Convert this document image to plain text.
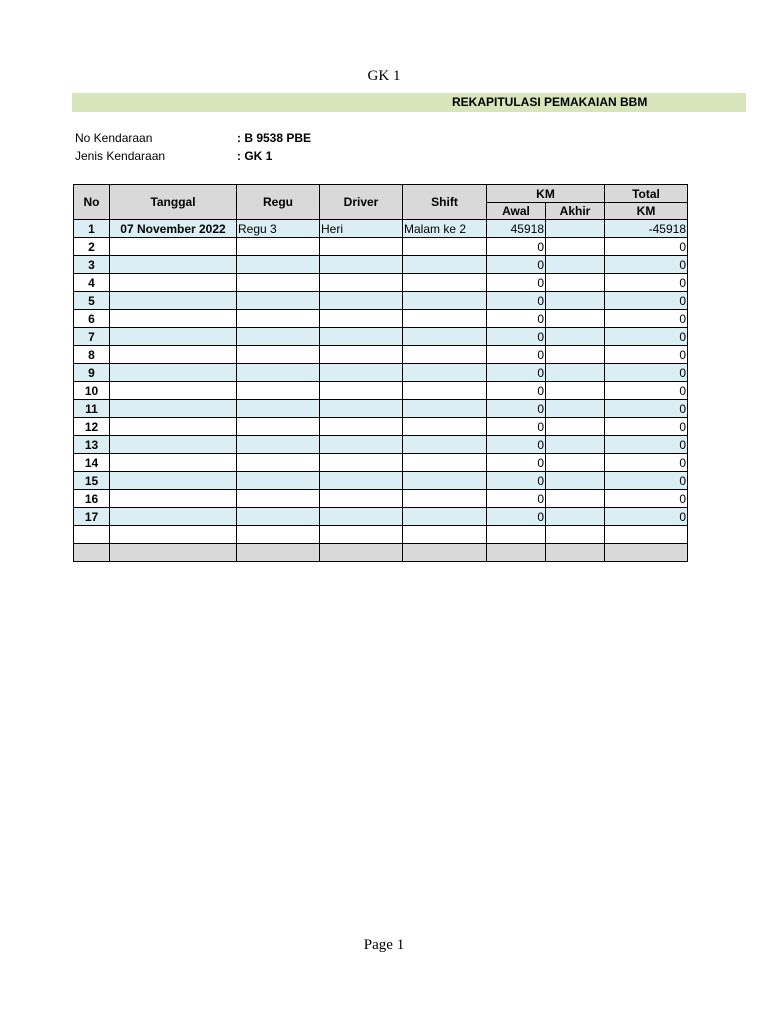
GK 1
REKAPITULASI PEMAKAIAN BBM
No Kendaraan	: B 9538 PBE
Jenis Kendaraan	: GK 1
No	Tanggal	Regu	Driver	Shift	KM		Total
					Awal	Akhir	KM
1	07 November 2022	Regu 3	Heri	Malam ke 2	45918		-45918
2					0		0
3					0		0
4					0		0
5					0		0
6					0		0
7					0		0
8					0		0
9					0		0
10					0		0
11					0		0
12					0		0
13					0		0
14					0		0
15					0		0
16					0		0
17					0		0

Page 1
